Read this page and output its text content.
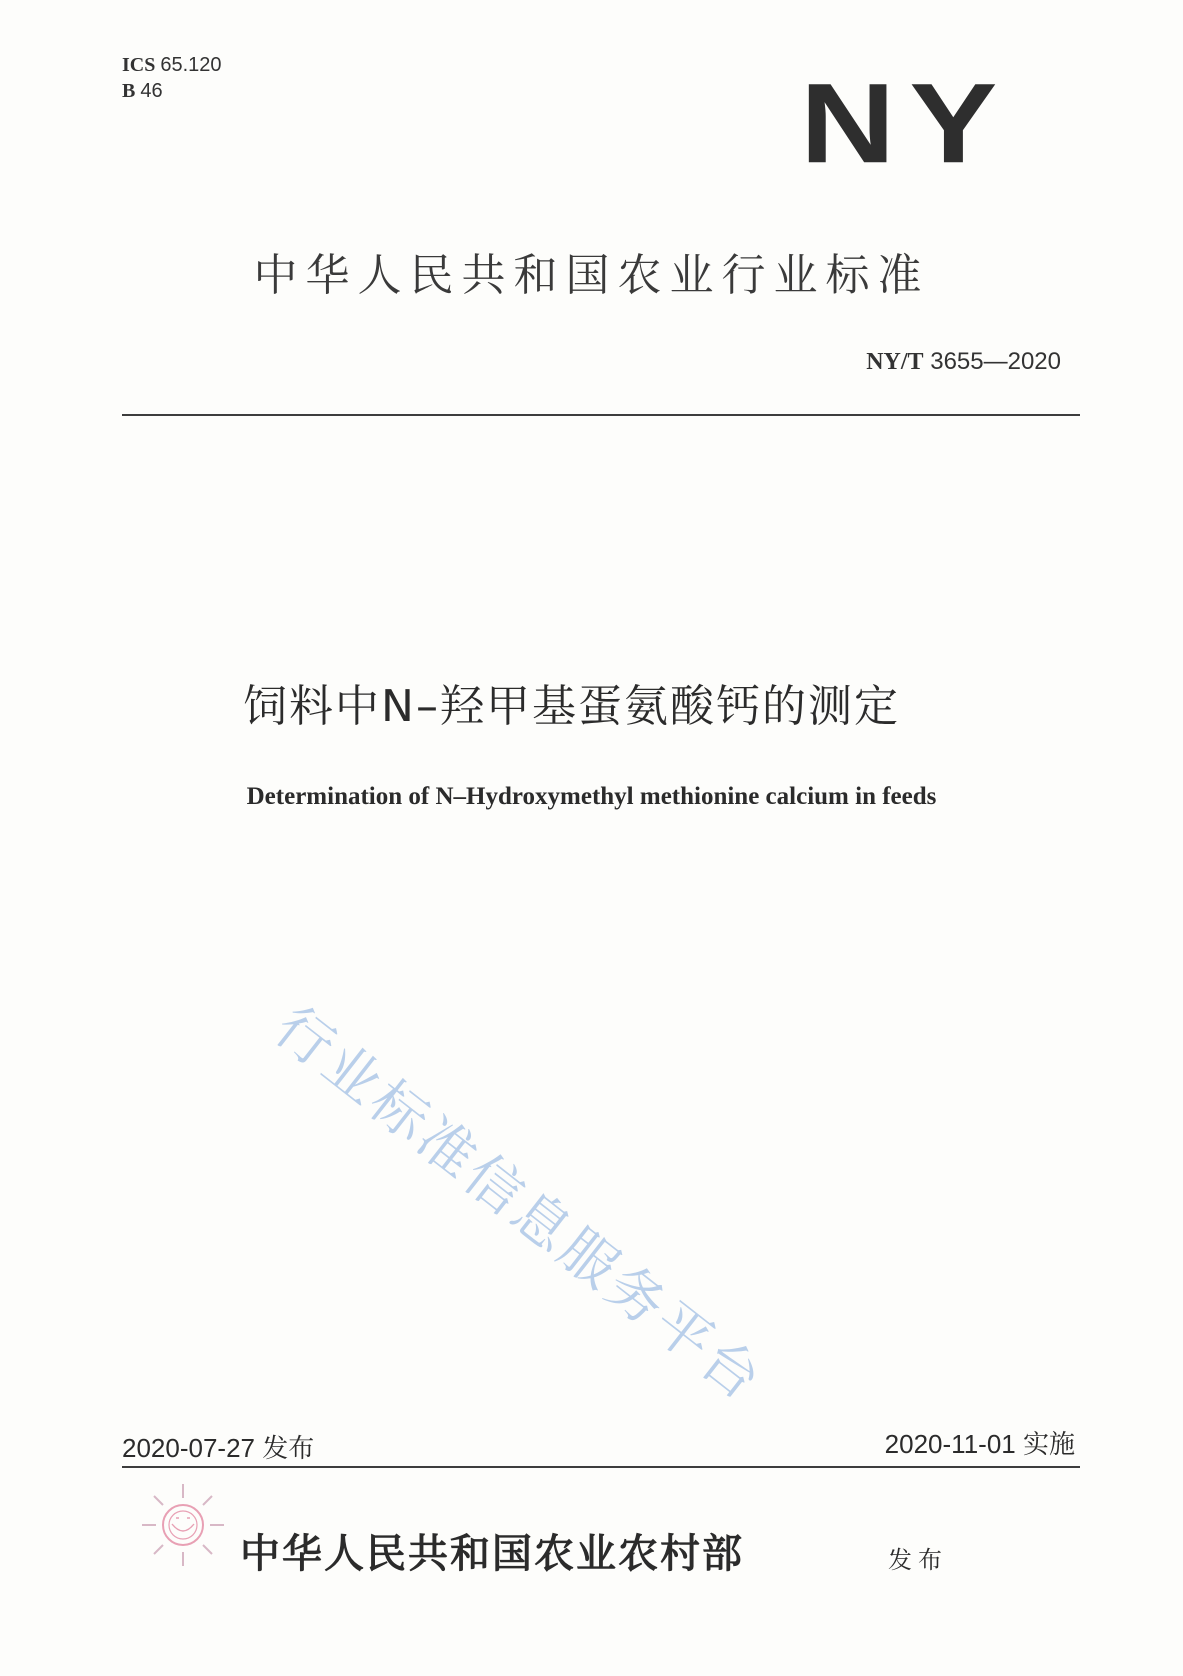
ICS 65.120
B 46	NY
中华人民共和国农业行业标准
NY/T 3655—2020
饲料中N–羟甲基蛋氨酸钙的测定
Determination of N–Hydroxymethyl methionine calcium in feeds
行业标准信息服务平台
2020-07-27 发布	2020-11-01 实施
中华人民共和国农业农村部	发布
